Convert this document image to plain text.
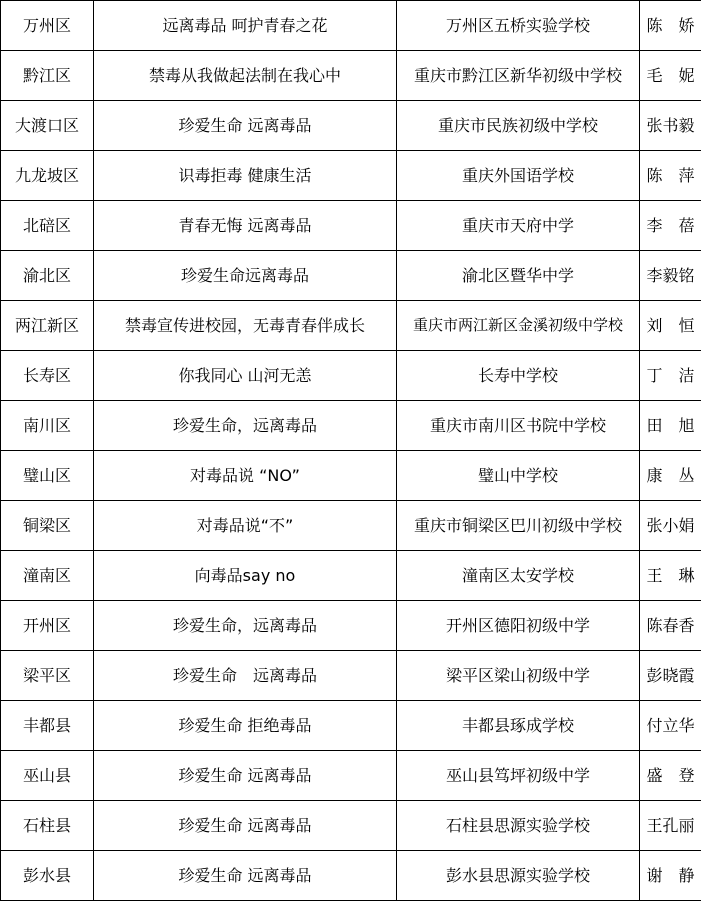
万州区	远离毒品 呵护青春之花	万州区五桥实验学校	陈　娇
黔江区	禁毒从我做起法制在我心中	重庆市黔江区新华初级中学校	毛　妮
大渡口区	珍爱生命 远离毒品	重庆市民族初级中学校	张书毅
九龙坡区	识毒拒毒 健康生活	重庆外国语学校	陈　萍
北碚区	青春无悔 远离毒品	重庆市天府中学	李　蓓
渝北区	珍爱生命远离毒品	渝北区暨华中学	李毅铭
两江新区	禁毒宣传进校园，无毒青春伴成长	重庆市两江新区金溪初级中学校	刘　恒
长寿区	你我同心 山河无恙	长寿中学校	丁　洁
南川区	珍爱生命，远离毒品	重庆市南川区书院中学校	田　旭
璧山区	对毒品说 “NO”	璧山中学校	康　丛
铜梁区	对毒品说“不”	重庆市铜梁区巴川初级中学校	张小娟
潼南区	向毒品say no	潼南区太安学校	王　琳
开州区	珍爱生命，远离毒品	开州区德阳初级中学	陈春香
梁平区	珍爱生命　远离毒品	梁平区梁山初级中学	彭晓霞
丰都县	珍爱生命 拒绝毒品	丰都县琢成学校	付立华
巫山县	珍爱生命 远离毒品	巫山县笃坪初级中学	盛　登
石柱县	珍爱生命 远离毒品	石柱县思源实验学校	王孔丽
彭水县	珍爱生命 远离毒品	彭水县思源实验学校	谢　静
